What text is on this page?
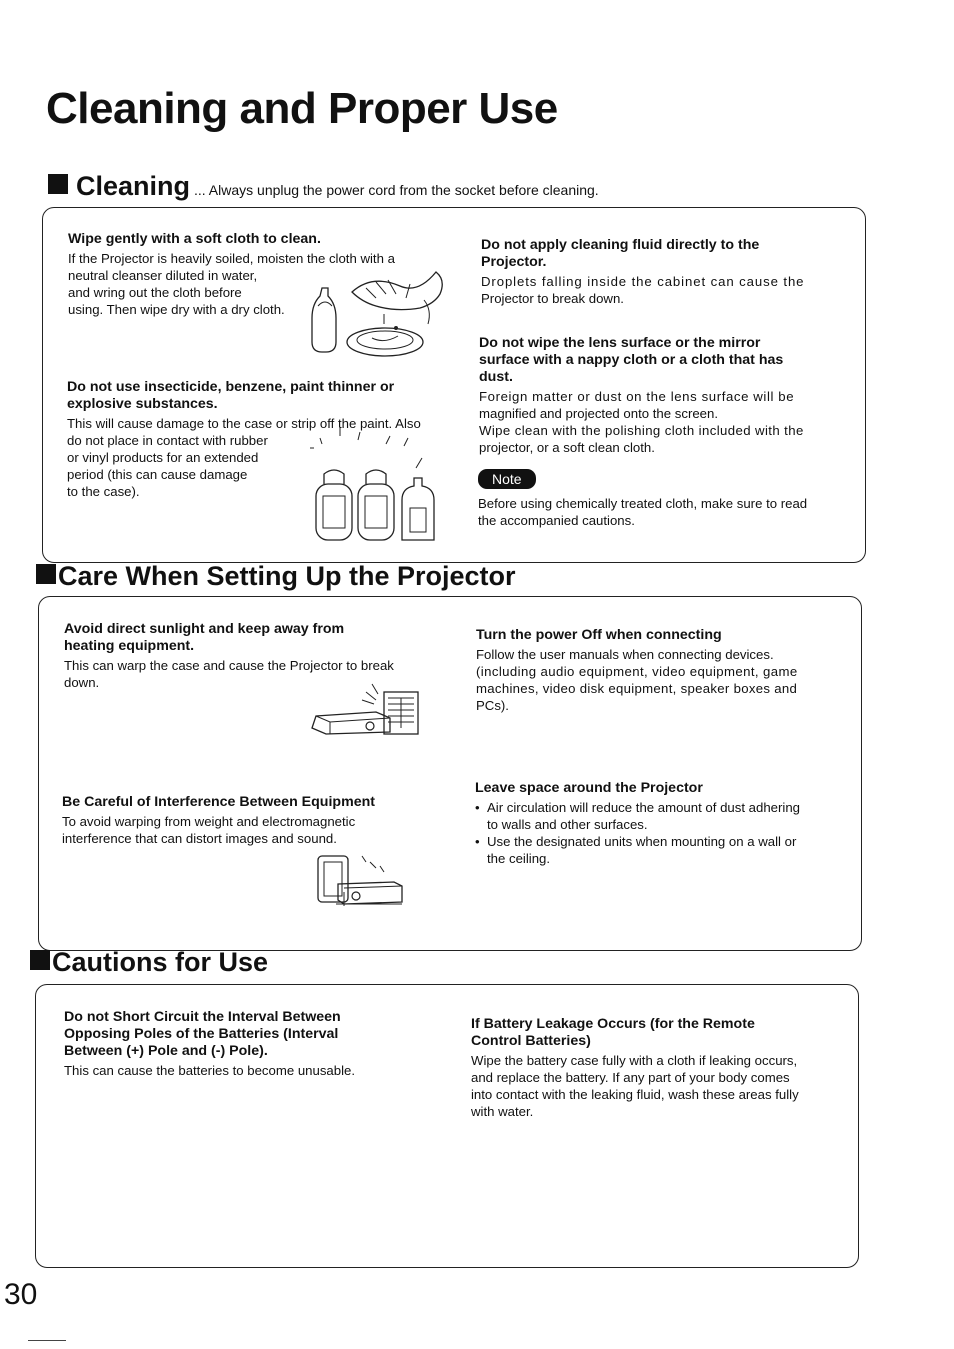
Cleaning and Proper Use
Cleaning ... Always unplug the power cord from the socket before cleaning.
Wipe gently with a soft cloth to clean.

If the Projector is heavily soiled, moisten the cloth with a

neutral cleanser diluted in water,

and wring out the cloth before

using. Then wipe dry with a dry cloth.

Do not use insecticide, benzene, paint thinner or
explosive substances.

This will cause damage to the case or strip off the paint. Also

do not place in contact with rubber

or vinyl products for an extended

period (this can cause damage

to the case).

Do not apply cleaning fluid directly to the
Projector.

Droplets falling inside the cabinet can cause the

Projector to break down.

Do not wipe the lens surface or the mirror
surface with a nappy cloth or a cloth that has
dust.

Foreign matter or dust on the lens surface will be

magnified and projected onto the screen.

Wipe clean with the polishing cloth included with the

projector, or a soft clean cloth.

Note

Before using chemically treated cloth, make sure to read

the accompanied cautions.

Care When Setting Up the Projector
Avoid direct sunlight and keep away from
heating equipment.

This can warp the case and cause the Projector to break

down.

Be Careful of Interference Between Equipment

To avoid warping from weight and electromagnetic

interference that can distort images and sound.

Turn the power Off when connecting

Follow the user manuals when connecting devices.

(including audio equipment, video equipment, game

machines, video disk equipment, speaker boxes and

PCs).

Leave space around the Projector
• Air circulation will reduce the amount of dust adhering
to walls and other surfaces.
• Use the designated units when mounting on a wall or
the ceiling.
Cautions for Use
Do not Short Circuit the Interval Between
Opposing Poles of the Batteries (Interval
Between (+) Pole and (-) Pole).

This can cause the batteries to become unusable.

If Battery Leakage Occurs (for the Remote
Control Batteries)

Wipe the battery case fully with a cloth if leaking occurs,

and replace the battery. If any part of your body comes

into contact with the leaking fluid, wash these areas fully

with water.

30
